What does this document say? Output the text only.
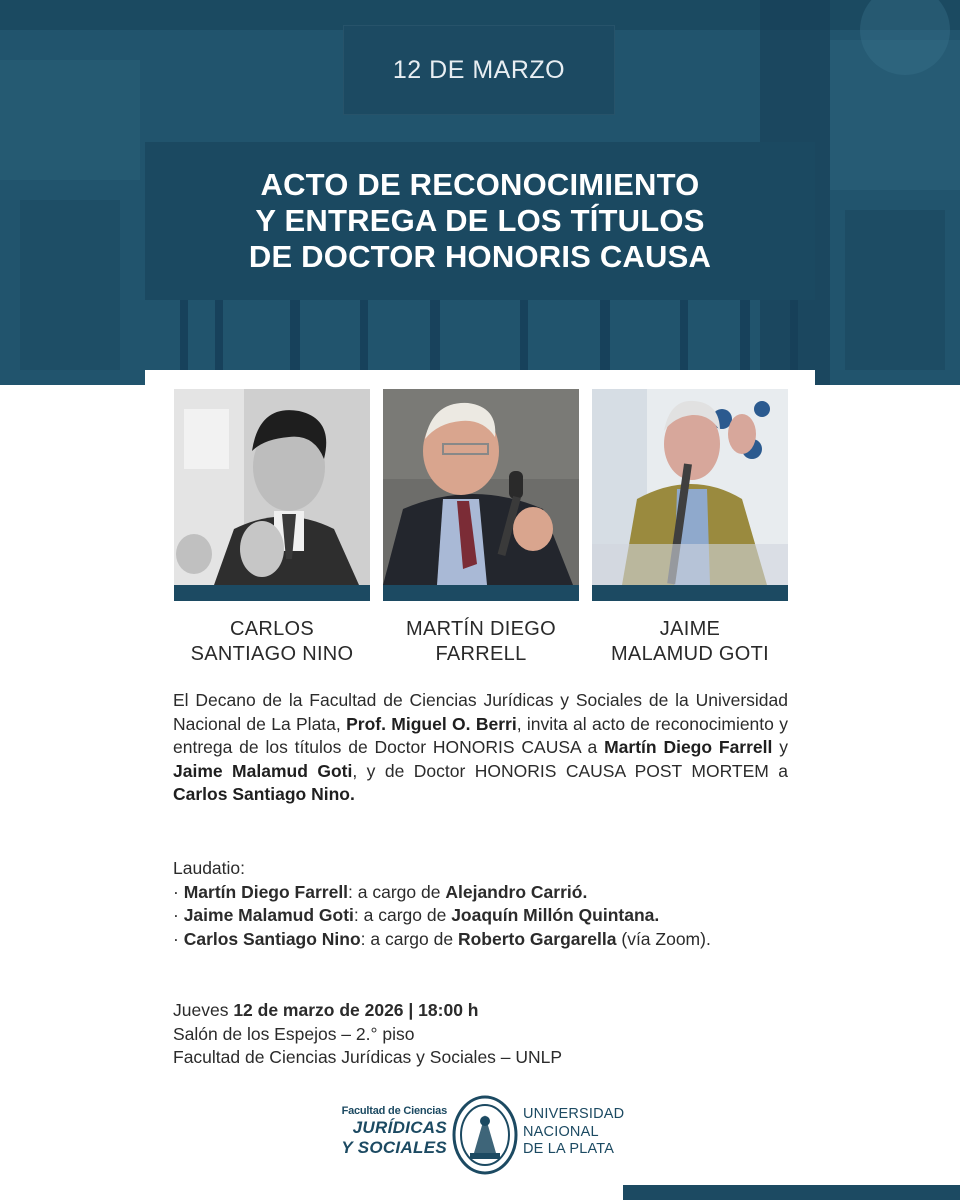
12 DE MARZO
ACTO DE RECONOCIMIENTO
Y ENTREGA DE LOS TÍTULOS
DE DOCTOR HONORIS CAUSA
CARLOS
SANTIAGO NINO
MARTÍN DIEGO
FARRELL
JAIME
MALAMUD GOTI
El Decano de la Facultad de Ciencias Jurídicas y Sociales de la Universidad Nacional de La Plata, Prof. Miguel O. Berri, invita al acto de reconocimiento y entrega de los títulos de Doctor HONORIS CAUSA a Martín Diego Farrell y Jaime Malamud Goti, y de Doctor HONORIS CAUSA POST MORTEM a Carlos Santiago Nino.
Laudatio:
· Martín Diego Farrell: a cargo de Alejandro Carrió.
· Jaime Malamud Goti: a cargo de Joaquín Millón Quintana.
· Carlos Santiago Nino: a cargo de Roberto Gargarella (vía Zoom).
Jueves 12 de marzo de 2026 | 18:00 h
Salón de los Espejos – 2.° piso
Facultad de Ciencias Jurídicas y Sociales – UNLP
Facultad de Ciencias
JURÍDICAS
Y SOCIALES
UNIVERSIDAD
NACIONAL
DE LA PLATA
